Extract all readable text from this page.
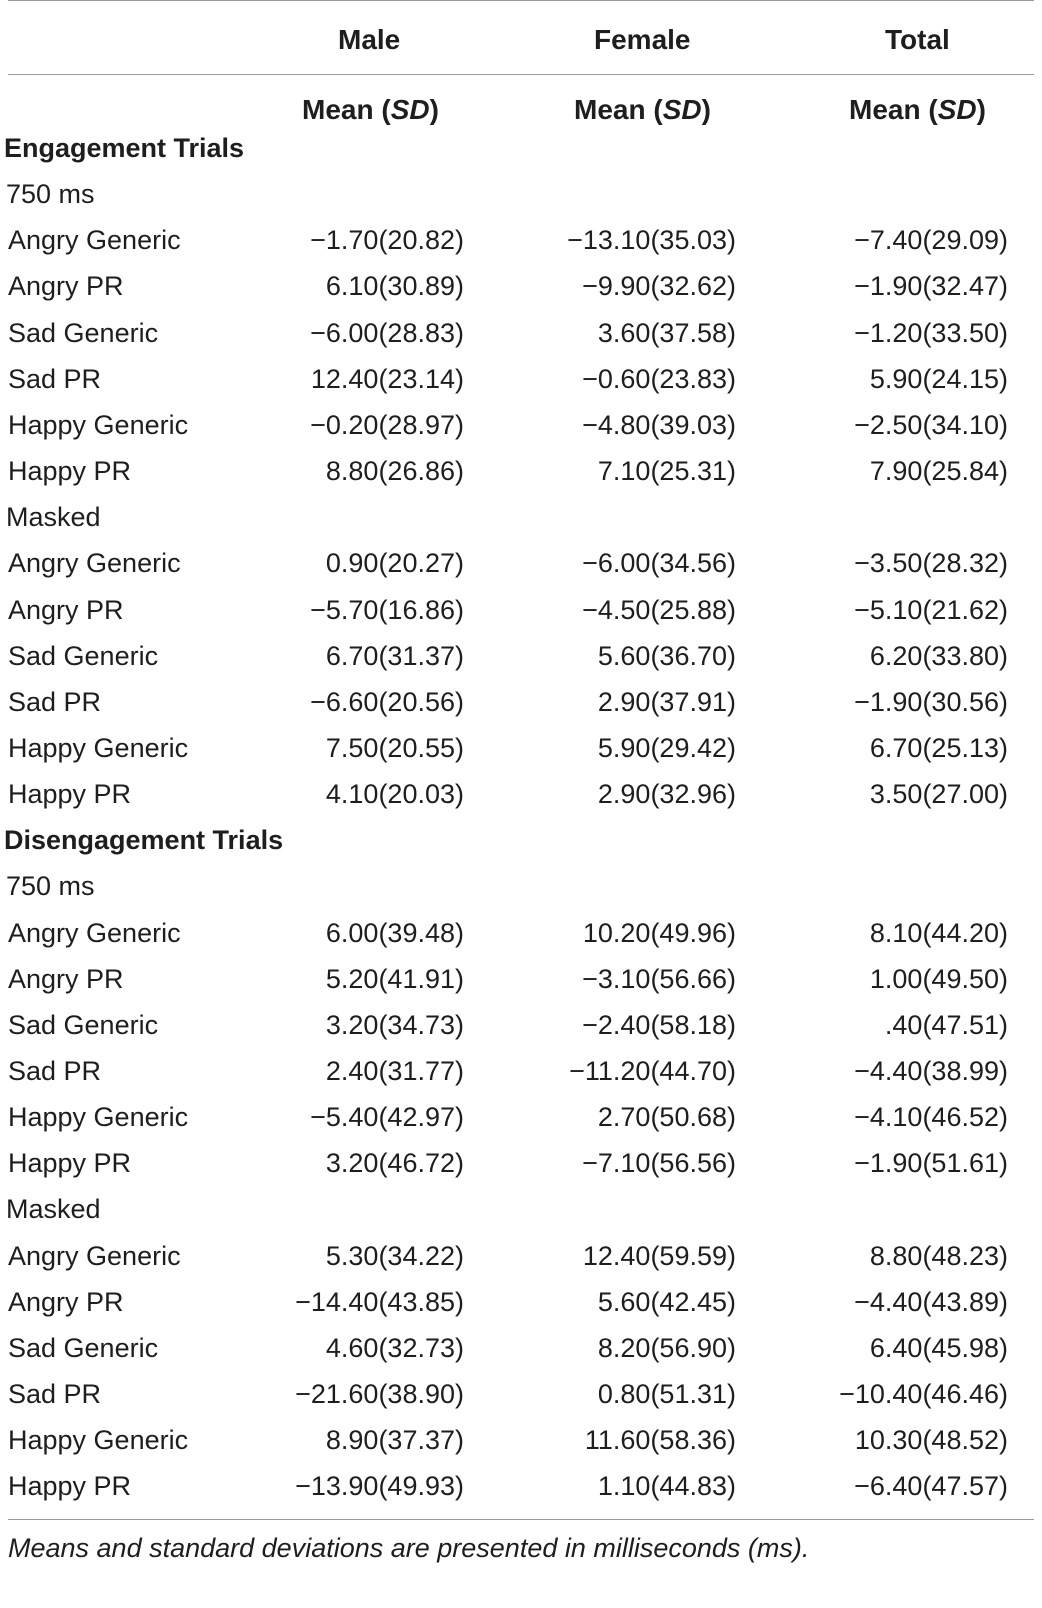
Male	Female	Total
Mean (SD)	Mean (SD)	Mean (SD)
Engagement Trials
750 ms
Angry Generic	−1.70(20.82)	−13.10(35.03)	−7.40(29.09)
Angry PR	6.10(30.89)	−9.90(32.62)	−1.90(32.47)
Sad Generic	−6.00(28.83)	3.60(37.58)	−1.20(33.50)
Sad PR	12.40(23.14)	−0.60(23.83)	5.90(24.15)
Happy Generic	−0.20(28.97)	−4.80(39.03)	−2.50(34.10)
Happy PR	8.80(26.86)	7.10(25.31)	7.90(25.84)
Masked
Angry Generic	0.90(20.27)	−6.00(34.56)	−3.50(28.32)
Angry PR	−5.70(16.86)	−4.50(25.88)	−5.10(21.62)
Sad Generic	6.70(31.37)	5.60(36.70)	6.20(33.80)
Sad PR	−6.60(20.56)	2.90(37.91)	−1.90(30.56)
Happy Generic	7.50(20.55)	5.90(29.42)	6.70(25.13)
Happy PR	4.10(20.03)	2.90(32.96)	3.50(27.00)
Disengagement Trials
750 ms
Angry Generic	6.00(39.48)	10.20(49.96)	8.10(44.20)
Angry PR	5.20(41.91)	−3.10(56.66)	1.00(49.50)
Sad Generic	3.20(34.73)	−2.40(58.18)	.40(47.51)
Sad PR	2.40(31.77)	−11.20(44.70)	−4.40(38.99)
Happy Generic	−5.40(42.97)	2.70(50.68)	−4.10(46.52)
Happy PR	3.20(46.72)	−7.10(56.56)	−1.90(51.61)
Masked
Angry Generic	5.30(34.22)	12.40(59.59)	8.80(48.23)
Angry PR	−14.40(43.85)	5.60(42.45)	−4.40(43.89)
Sad Generic	4.60(32.73)	8.20(56.90)	6.40(45.98)
Sad PR	−21.60(38.90)	0.80(51.31)	−10.40(46.46)
Happy Generic	8.90(37.37)	11.60(58.36)	10.30(48.52)
Happy PR	−13.90(49.93)	1.10(44.83)	−6.40(47.57)
Means and standard deviations are presented in milliseconds (ms).
